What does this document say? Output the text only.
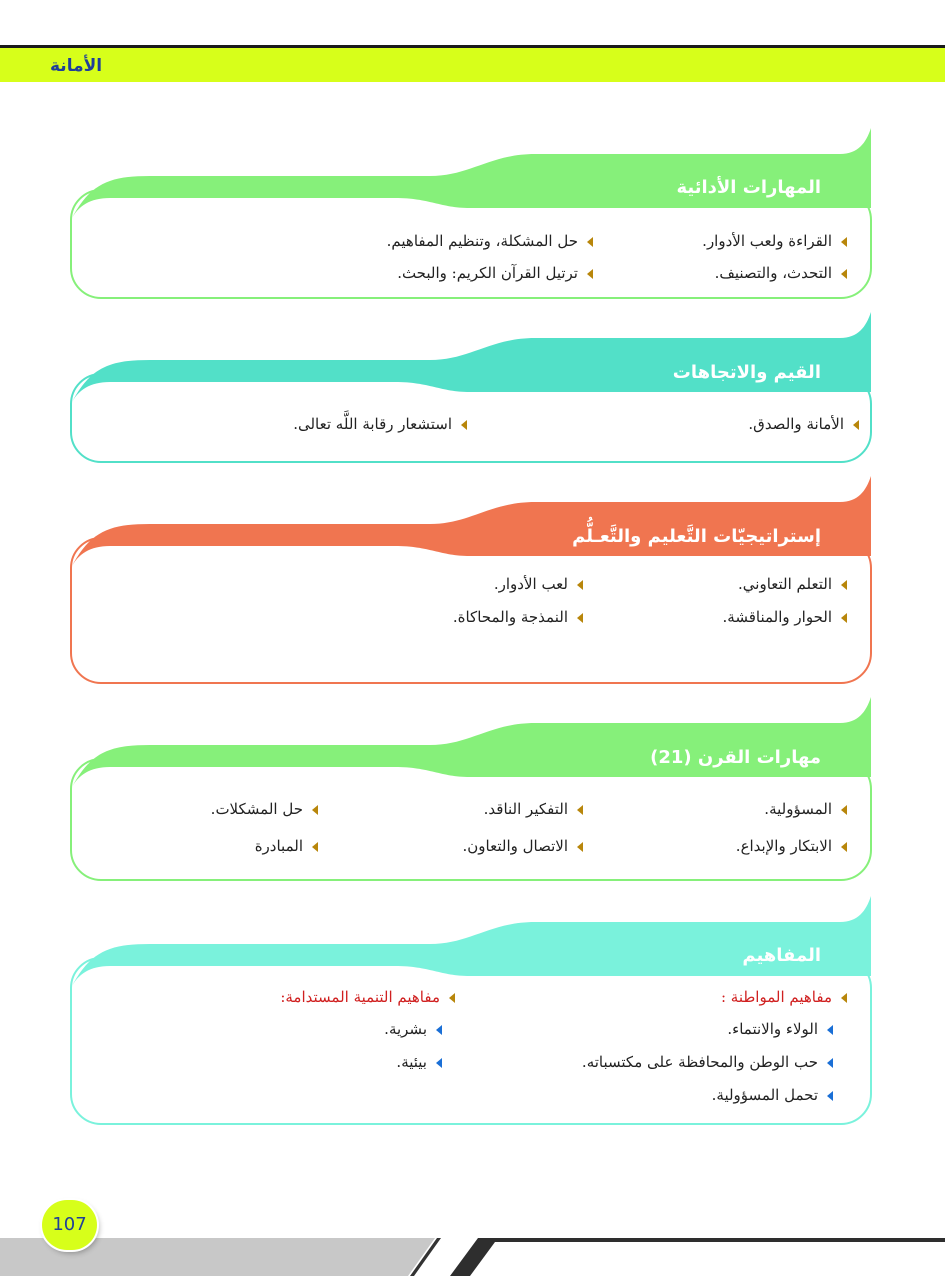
الأمانة
المهارات الأدائية
القراءة ولعب الأدوار.
حل المشكلة، وتنظيم المفاهيم.
التحدث، والتصنيف.
ترتيل القرآن الكريم: والبحث.
القيم والاتجاهات
الأمانة والصدق.
استشعار رقابة اللَّه تعالى.
إستراتيجيّات التَّعليم والتَّعـلُّم
التعلم التعاوني.
لعب الأدوار.
الحوار والمناقشة.
النمذجة والمحاكاة.
مهارات القرن (21)
المسؤولية.
التفكير الناقد.
حل المشكلات.
الابتكار والإبداع.
الاتصال والتعاون.
المبادرة
المفاهيم
مفاهيم المواطنة :
مفاهيم التنمية المستدامة:
الولاء والانتماء.
حب الوطن والمحافظة على مكتسباته.
تحمل المسؤولية.
بشرية.
بيئية.
107
